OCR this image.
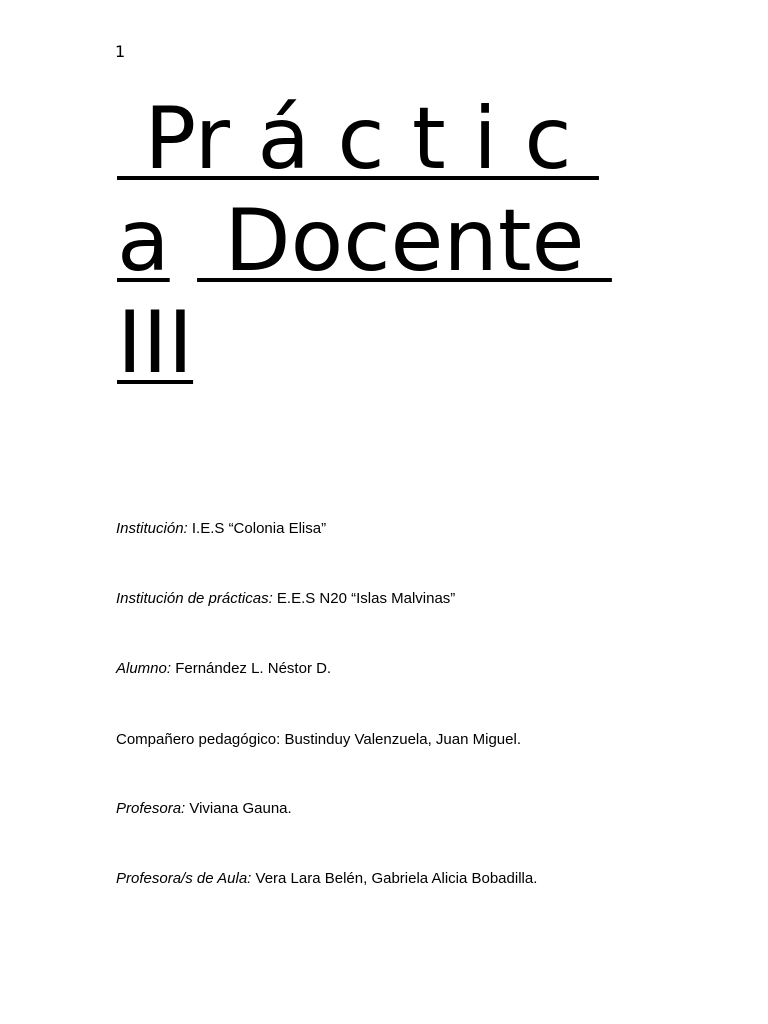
1
Pr á c t i c
a  Docente
III
Institución: I.E.S “Colonia Elisa”
Institución de prácticas: E.E.S N20 “Islas Malvinas”
Alumno: Fernández L. Néstor D.
Compañero pedagógico: Bustinduy Valenzuela, Juan Miguel.
Profesora: Viviana Gauna.
Profesora/s de Aula: Vera Lara Belén, Gabriela Alicia Bobadilla.
